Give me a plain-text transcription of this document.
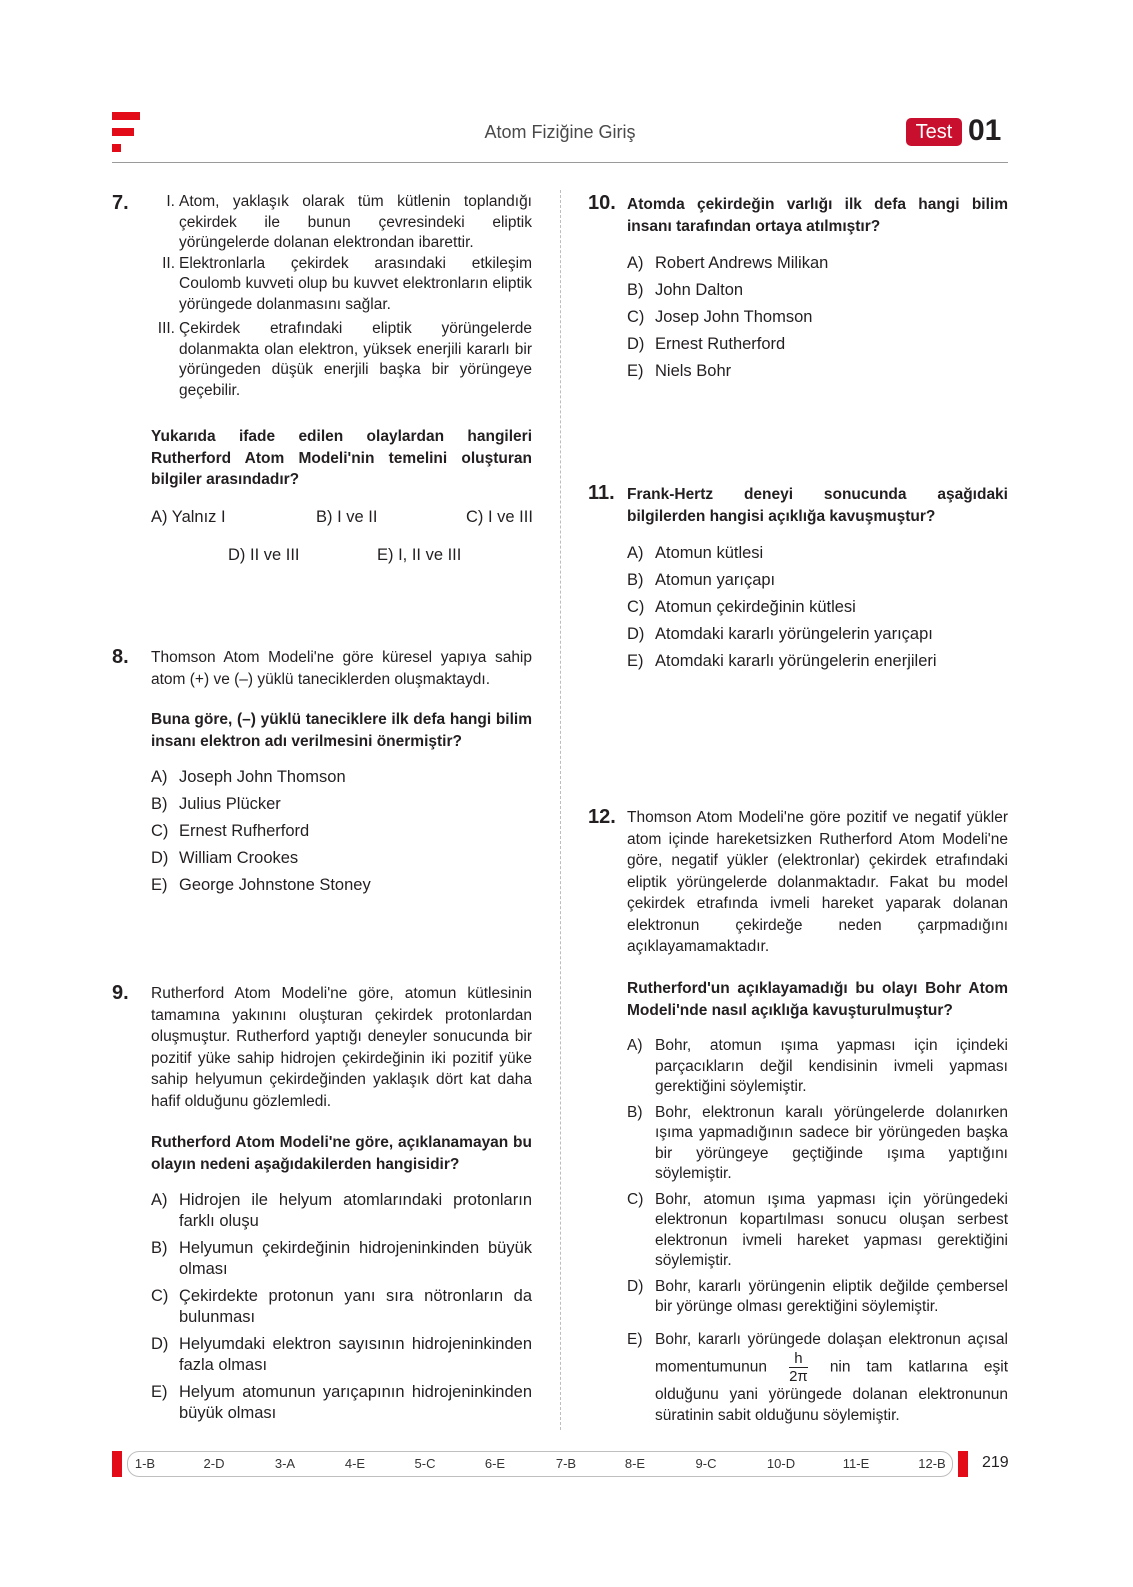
Atom Fiziğine Giriş	Test 01
7.	I. Atom, yaklaşık olarak tüm kütlenin toplandığı çekirdek ile bunun çevresindeki eliptik yörüngelerde dolanan elektrondan ibarettir.
II. Elektronlarla çekirdek arasındaki etkileşim Coulomb kuvveti olup bu kuvvet elektronların eliptik yörüngede dolanmasını sağlar.
III. Çekirdek etrafındaki eliptik yörüngelerde dolanmakta olan elektron, yüksek enerjili kararlı bir yörüngeden düşük enerjili başka bir yörüngeye geçebilir.
Yukarıda ifade edilen olaylardan hangileri Rutherford Atom Modeli'nin temelini oluşturan bilgiler arasındadır?
A) Yalnız I	B) I ve II	C) I ve III
D) II ve III	E) I, II ve III
8. Thomson Atom Modeli'ne göre küresel yapıya sahip atom (+) ve (–) yüklü taneciklerden oluşmaktaydı.
Buna göre, (–) yüklü taneciklere ilk defa hangi bilim insanı elektron adı verilmesini önermiştir?
A) Joseph John Thomson
B) Julius Plücker
C) Ernest Rufherford
D) William Crookes
E) George Johnstone Stoney
9. Rutherford Atom Modeli'ne göre, atomun kütlesinin tamamına yakınını oluşturan çekirdek protonlardan oluşmuştur. Rutherford yaptığı deneyler sonucunda bir pozitif yüke sahip hidrojen çekirdeğinin iki pozitif yüke sahip helyumun çekirdeğinden yaklaşık dört kat daha hafif olduğunu gözlemledi.
Rutherford Atom Modeli'ne göre, açıklanamayan bu olayın nedeni aşağıdakilerden hangisidir?
A) Hidrojen ile helyum atomlarındaki protonların farklı oluşu
B) Helyumun çekirdeğinin hidrojeninkinden büyük olması
C) Çekirdekte protonun yanı sıra nötronların da bulunması
D) Helyumdaki elektron sayısının hidrojeninkinden fazla olması
E) Helyum atomunun yarıçapının hidrojeninkinden büyük olması
10. Atomda çekirdeğin varlığı ilk defa hangi bilim insanı tarafından ortaya atılmıştır?
A) Robert Andrews Milikan
B) John Dalton
C) Josep John Thomson
D) Ernest Rutherford
E) Niels Bohr
11. Frank-Hertz deneyi sonucunda aşağıdaki bilgilerden hangisi açıklığa kavuşmuştur?
A) Atomun kütlesi
B) Atomun yarıçapı
C) Atomun çekirdeğinin kütlesi
D) Atomdaki kararlı yörüngelerin yarıçapı
E) Atomdaki kararlı yörüngelerin enerjileri
12. Thomson Atom Modeli'ne göre pozitif ve negatif yükler atom içinde hareketsizken Rutherford Atom Modeli'ne göre, negatif yükler (elektronlar) çekirdek etrafındaki eliptik yörüngelerde dolanmaktadır. Fakat bu model çekirdek etrafında ivmeli hareket yaparak dolanan elektronun çekirdeğe neden çarpmadığını açıklayamamaktadır.
Rutherford'un açıklayamadığı bu olayı Bohr Atom Modeli'nde nasıl açıklığa kavuşturulmuştur?
A) Bohr, atomun ışıma yapması için içindeki parçacıkların değil kendisinin ivmeli yapması gerektiğini söylemiştir.
B) Bohr, elektronun karalı yörüngelerde dolanırken ışıma yapmadığının sadece bir yörüngeden başka bir yörüngeye geçtiğinde ışıma yaptığını söylemiştir.
C) Bohr, atomun ışıma yapması için yörüngedeki elektronun kopartılması sonucu oluşan serbest elektronun ivmeli hareket yapması gerektiğini söylemiştir.
D) Bohr, kararlı yörüngenin eliptik değilde çembersel bir yörünge olması gerektiğini söylemiştir.
E) Bohr, kararlı yörüngede dolaşan elektronun açısal momentumunun $\frac{h}{2\pi}$ nin tam katlarına eşit olduğunu yani yörüngede dolanan elektronunun süratinin sabit olduğunu söylemiştir.
1-B	2-D	3-A	4-E	5-C	6-E	7-B	8-E	9-C	10-D	11-E	12-B	219
